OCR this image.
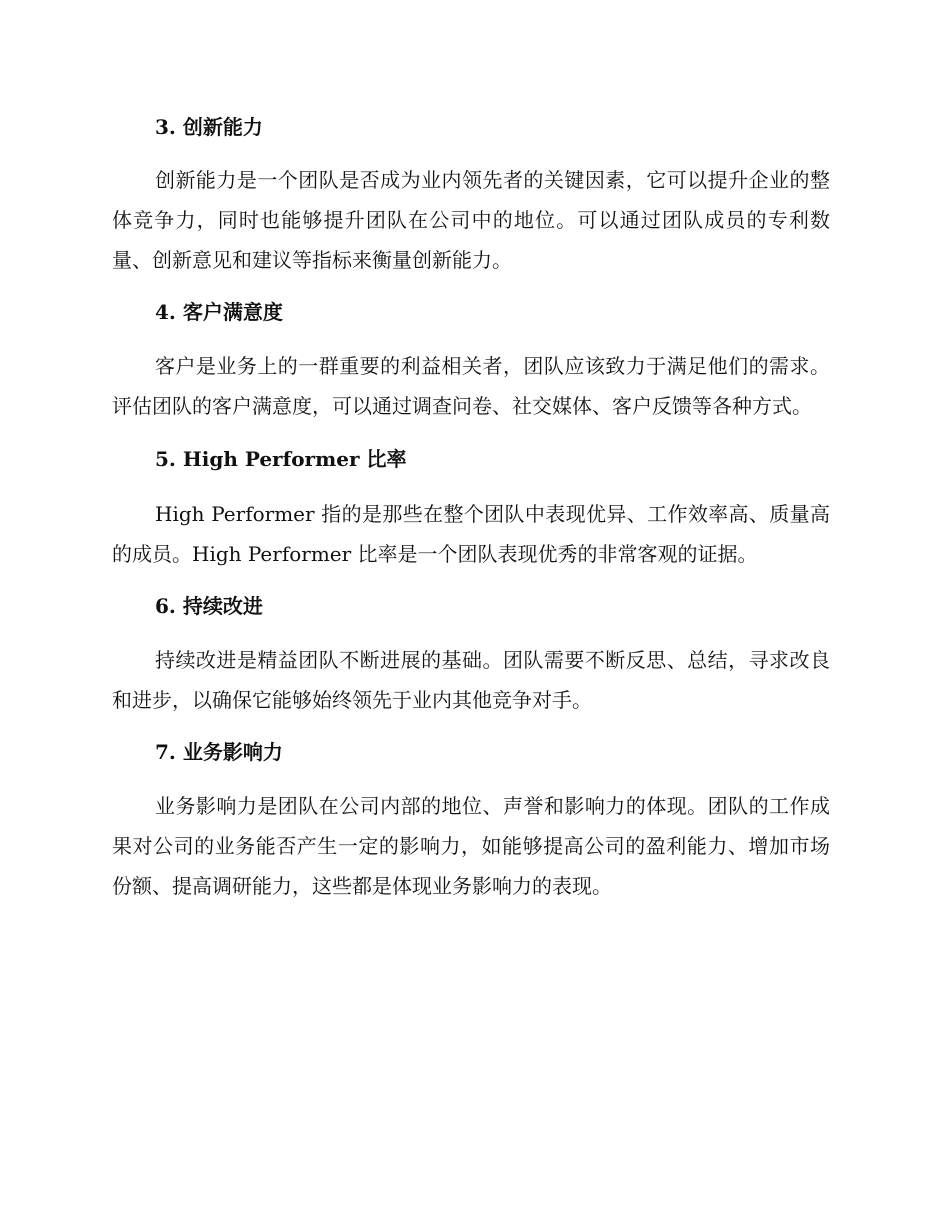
3. 创新能力

创新能力是一个团队是否成为业内领先者的关键因素，它可以提升企业的整体竞争力，同时也能够提升团队在公司中的地位。可以通过团队成员的专利数量、创新意见和建议等指标来衡量创新能力。

4. 客户满意度

客户是业务上的一群重要的利益相关者，团队应该致力于满足他们的需求。评估团队的客户满意度，可以通过调查问卷、社交媒体、客户反馈等各种方式。

5. High Performer 比率

High Performer 指的是那些在整个团队中表现优异、工作效率高、质量高的成员。High Performer 比率是一个团队表现优秀的非常客观的证据。

6. 持续改进

持续改进是精益团队不断进展的基础。团队需要不断反思、总结，寻求改良和进步，以确保它能够始终领先于业内其他竞争对手。

7. 业务影响力

业务影响力是团队在公司内部的地位、声誉和影响力的体现。团队的工作成果对公司的业务能否产生一定的影响力，如能够提高公司的盈利能力、增加市场份额、提高调研能力，这些都是体现业务影响力的表现。
